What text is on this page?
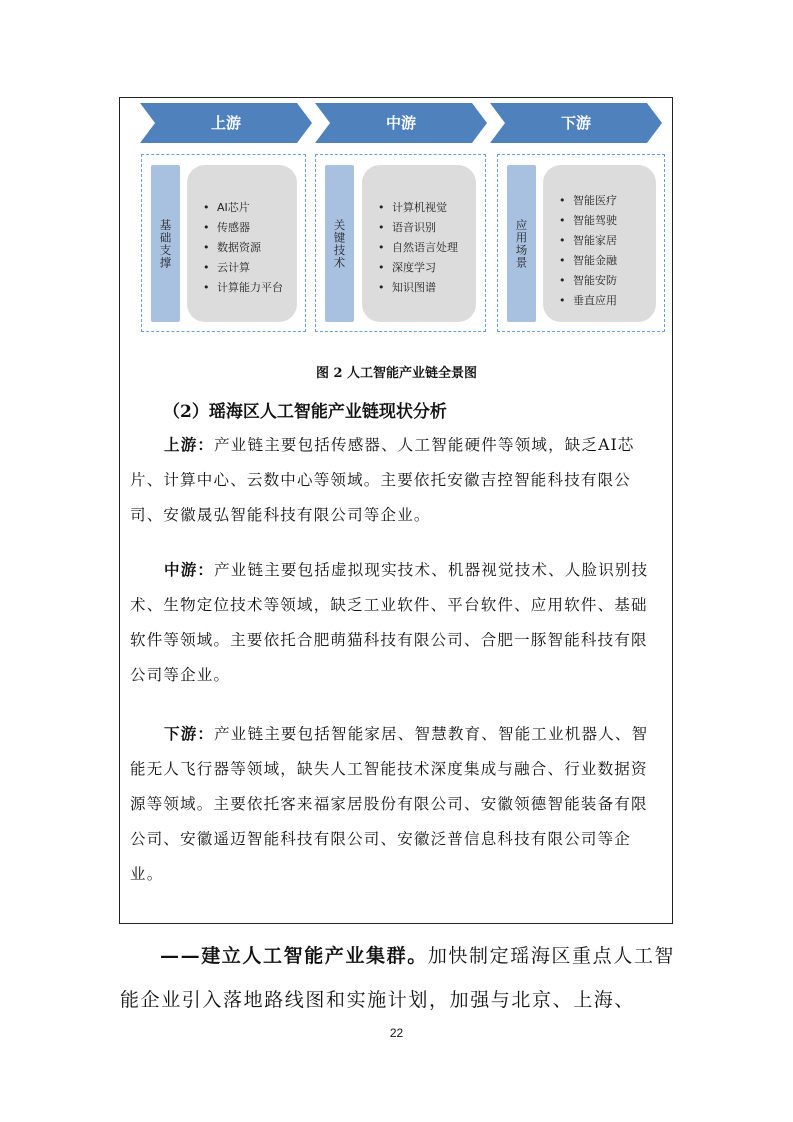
上游	中游	下游
基础支撑
• AI芯片
• 传感器
• 数据资源
• 云计算
• 计算能力平台
关键技术
• 计算机视觉
• 语音识别
• 自然语言处理
• 深度学习
• 知识图谱
应用场景
• 智能医疗
• 智能驾驶
• 智能家居
• 智能金融
• 智能安防
• 垂直应用
图 2 人工智能产业链全景图
（2）瑶海区人工智能产业链现状分析

上游：产业链主要包括传感器、人工智能硬件等领域，缺乏AI芯片、计算中心、云数中心等领域。主要依托安徽吉控智能科技有限公司、安徽晟弘智能科技有限公司等企业。

中游：产业链主要包括虚拟现实技术、机器视觉技术、人脸识别技术、生物定位技术等领域，缺乏工业软件、平台软件、应用软件、基础软件等领域。主要依托合肥萌猫科技有限公司、合肥一豚智能科技有限公司等企业。

下游：产业链主要包括智能家居、智慧教育、智能工业机器人、智能无人飞行器等领域，缺失人工智能技术深度集成与融合、行业数据资源等领域。主要依托客来福家居股份有限公司、安徽领德智能装备有限公司、安徽遥迈智能科技有限公司、安徽泛普信息科技有限公司等企业。

——建立人工智能产业集群。加快制定瑶海区重点人工智能企业引入落地路线图和实施计划，加强与北京、上海、

22
